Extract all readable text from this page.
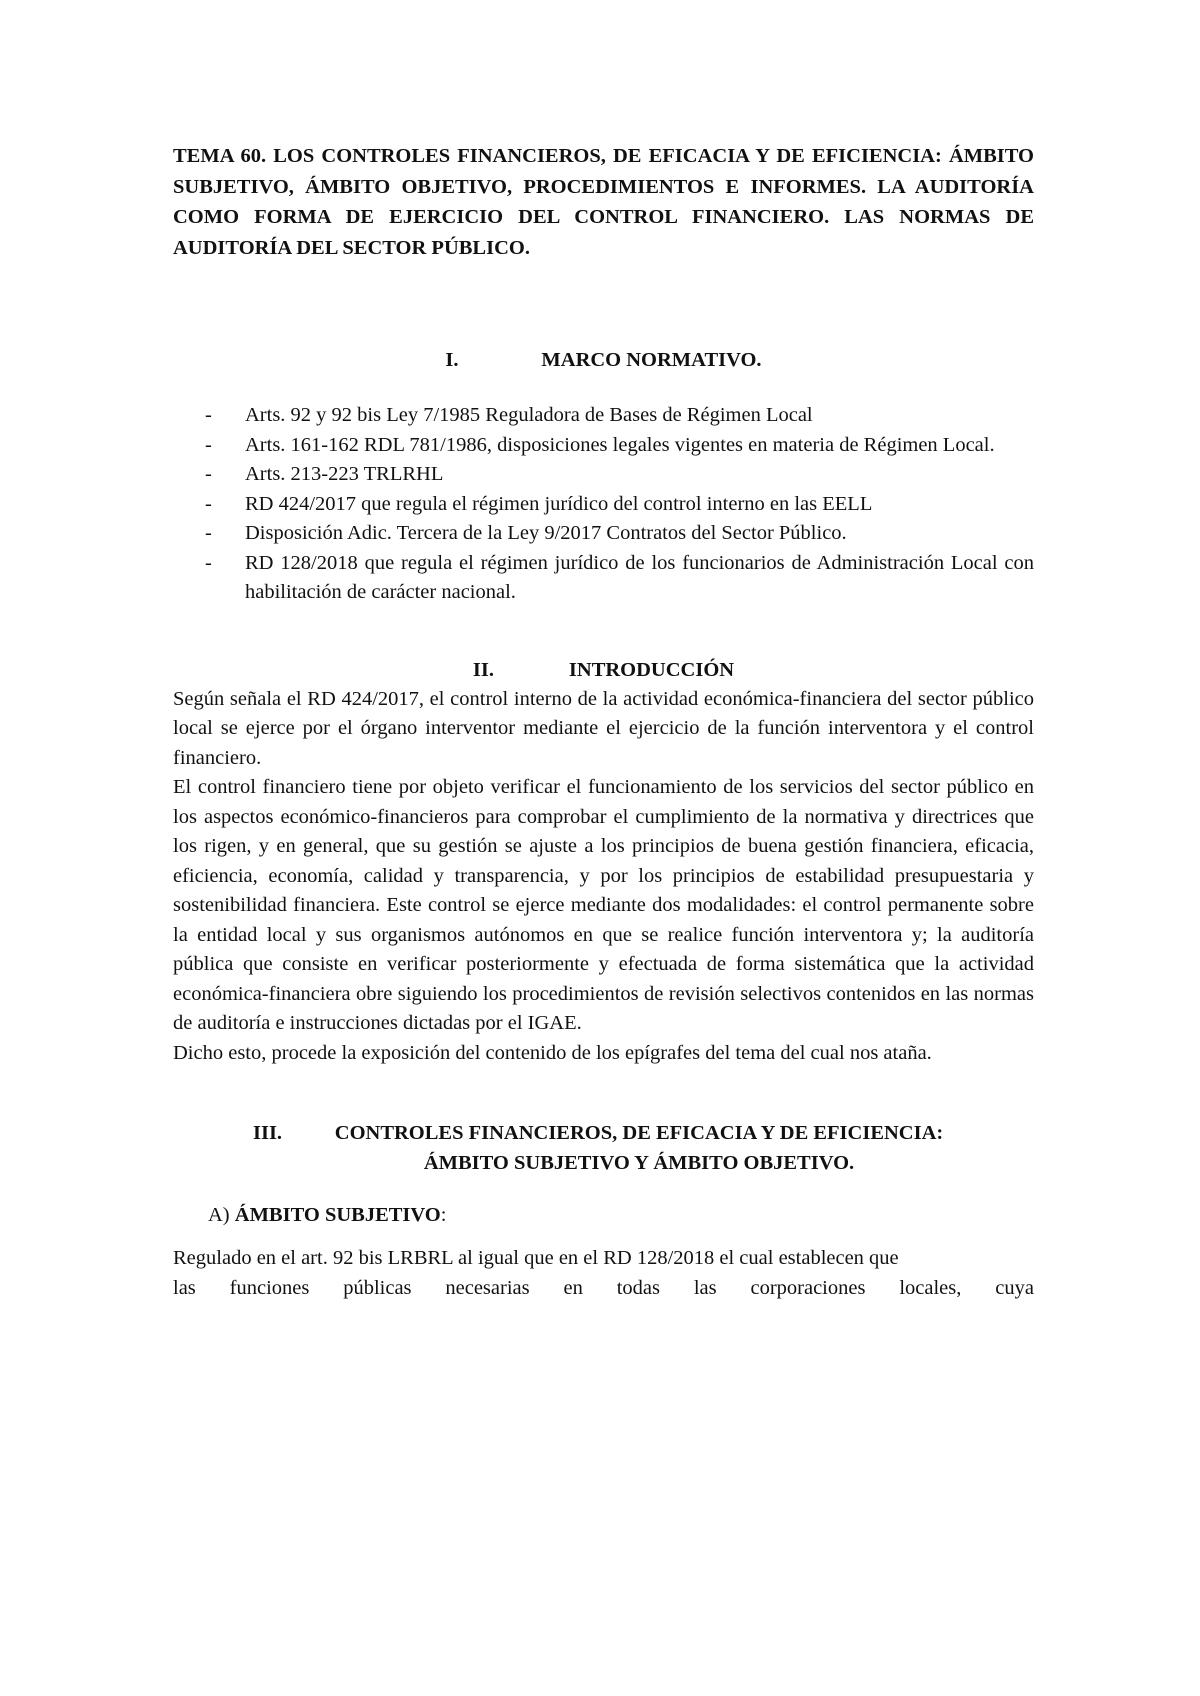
TEMA 60. LOS CONTROLES FINANCIEROS, DE EFICACIA Y DE EFICIENCIA: ÁMBITO SUBJETIVO, ÁMBITO OBJETIVO, PROCEDIMIENTOS E INFORMES. LA AUDITORÍA COMO FORMA DE EJERCICIO DEL CONTROL FINANCIERO. LAS NORMAS DE AUDITORÍA DEL SECTOR PÚBLICO.

I.	MARCO NORMATIVO.
- Arts. 92 y 92 bis Ley 7/1985 Reguladora de Bases de Régimen Local
- Arts. 161-162 RDL 781/1986, disposiciones legales vigentes en materia de Régimen Local.
- Arts. 213-223 TRLRHL
- RD 424/2017 que regula el régimen jurídico del control interno en las EELL
- Disposición Adic. Tercera de la Ley 9/2017 Contratos del Sector Público.
- RD 128/2018 que regula el régimen jurídico de los funcionarios de Administración Local con habilitación de carácter nacional.
II.	INTRODUCCIÓN

Según señala el RD 424/2017, el control interno de la actividad económica-financiera del sector público local se ejerce por el órgano interventor mediante el ejercicio de la función interventora y el control financiero.

El control financiero tiene por objeto verificar el funcionamiento de los servicios del sector público en los aspectos económico-financieros para comprobar el cumplimiento de la normativa y directrices que los rigen, y en general, que su gestión se ajuste a los principios de buena gestión financiera, eficacia, eficiencia, economía, calidad y transparencia, y por los principios de estabilidad presupuestaria y sostenibilidad financiera. Este control se ejerce mediante dos modalidades: el control permanente sobre la entidad local y sus organismos autónomos en que se realice función interventora y; la auditoría pública que consiste en verificar posteriormente y efectuada de forma sistemática que la actividad económica-financiera obre siguiendo los procedimientos de revisión selectivos contenidos en las normas de auditoría e instrucciones dictadas por el IGAE.

Dicho esto, procede la exposición del contenido de los epígrafes del tema del cual nos ataña.

III.	CONTROLES FINANCIEROS, DE EFICACIA Y DE EFICIENCIA:
ÁMBITO SUBJETIVO Y ÁMBITO OBJETIVO.
A) ÁMBITO SUBJETIVO:

Regulado en el art. 92 bis LRBRL al igual que en el RD 128/2018 el cual establecen que

las funciones públicas necesarias en todas las corporaciones locales, cuya
